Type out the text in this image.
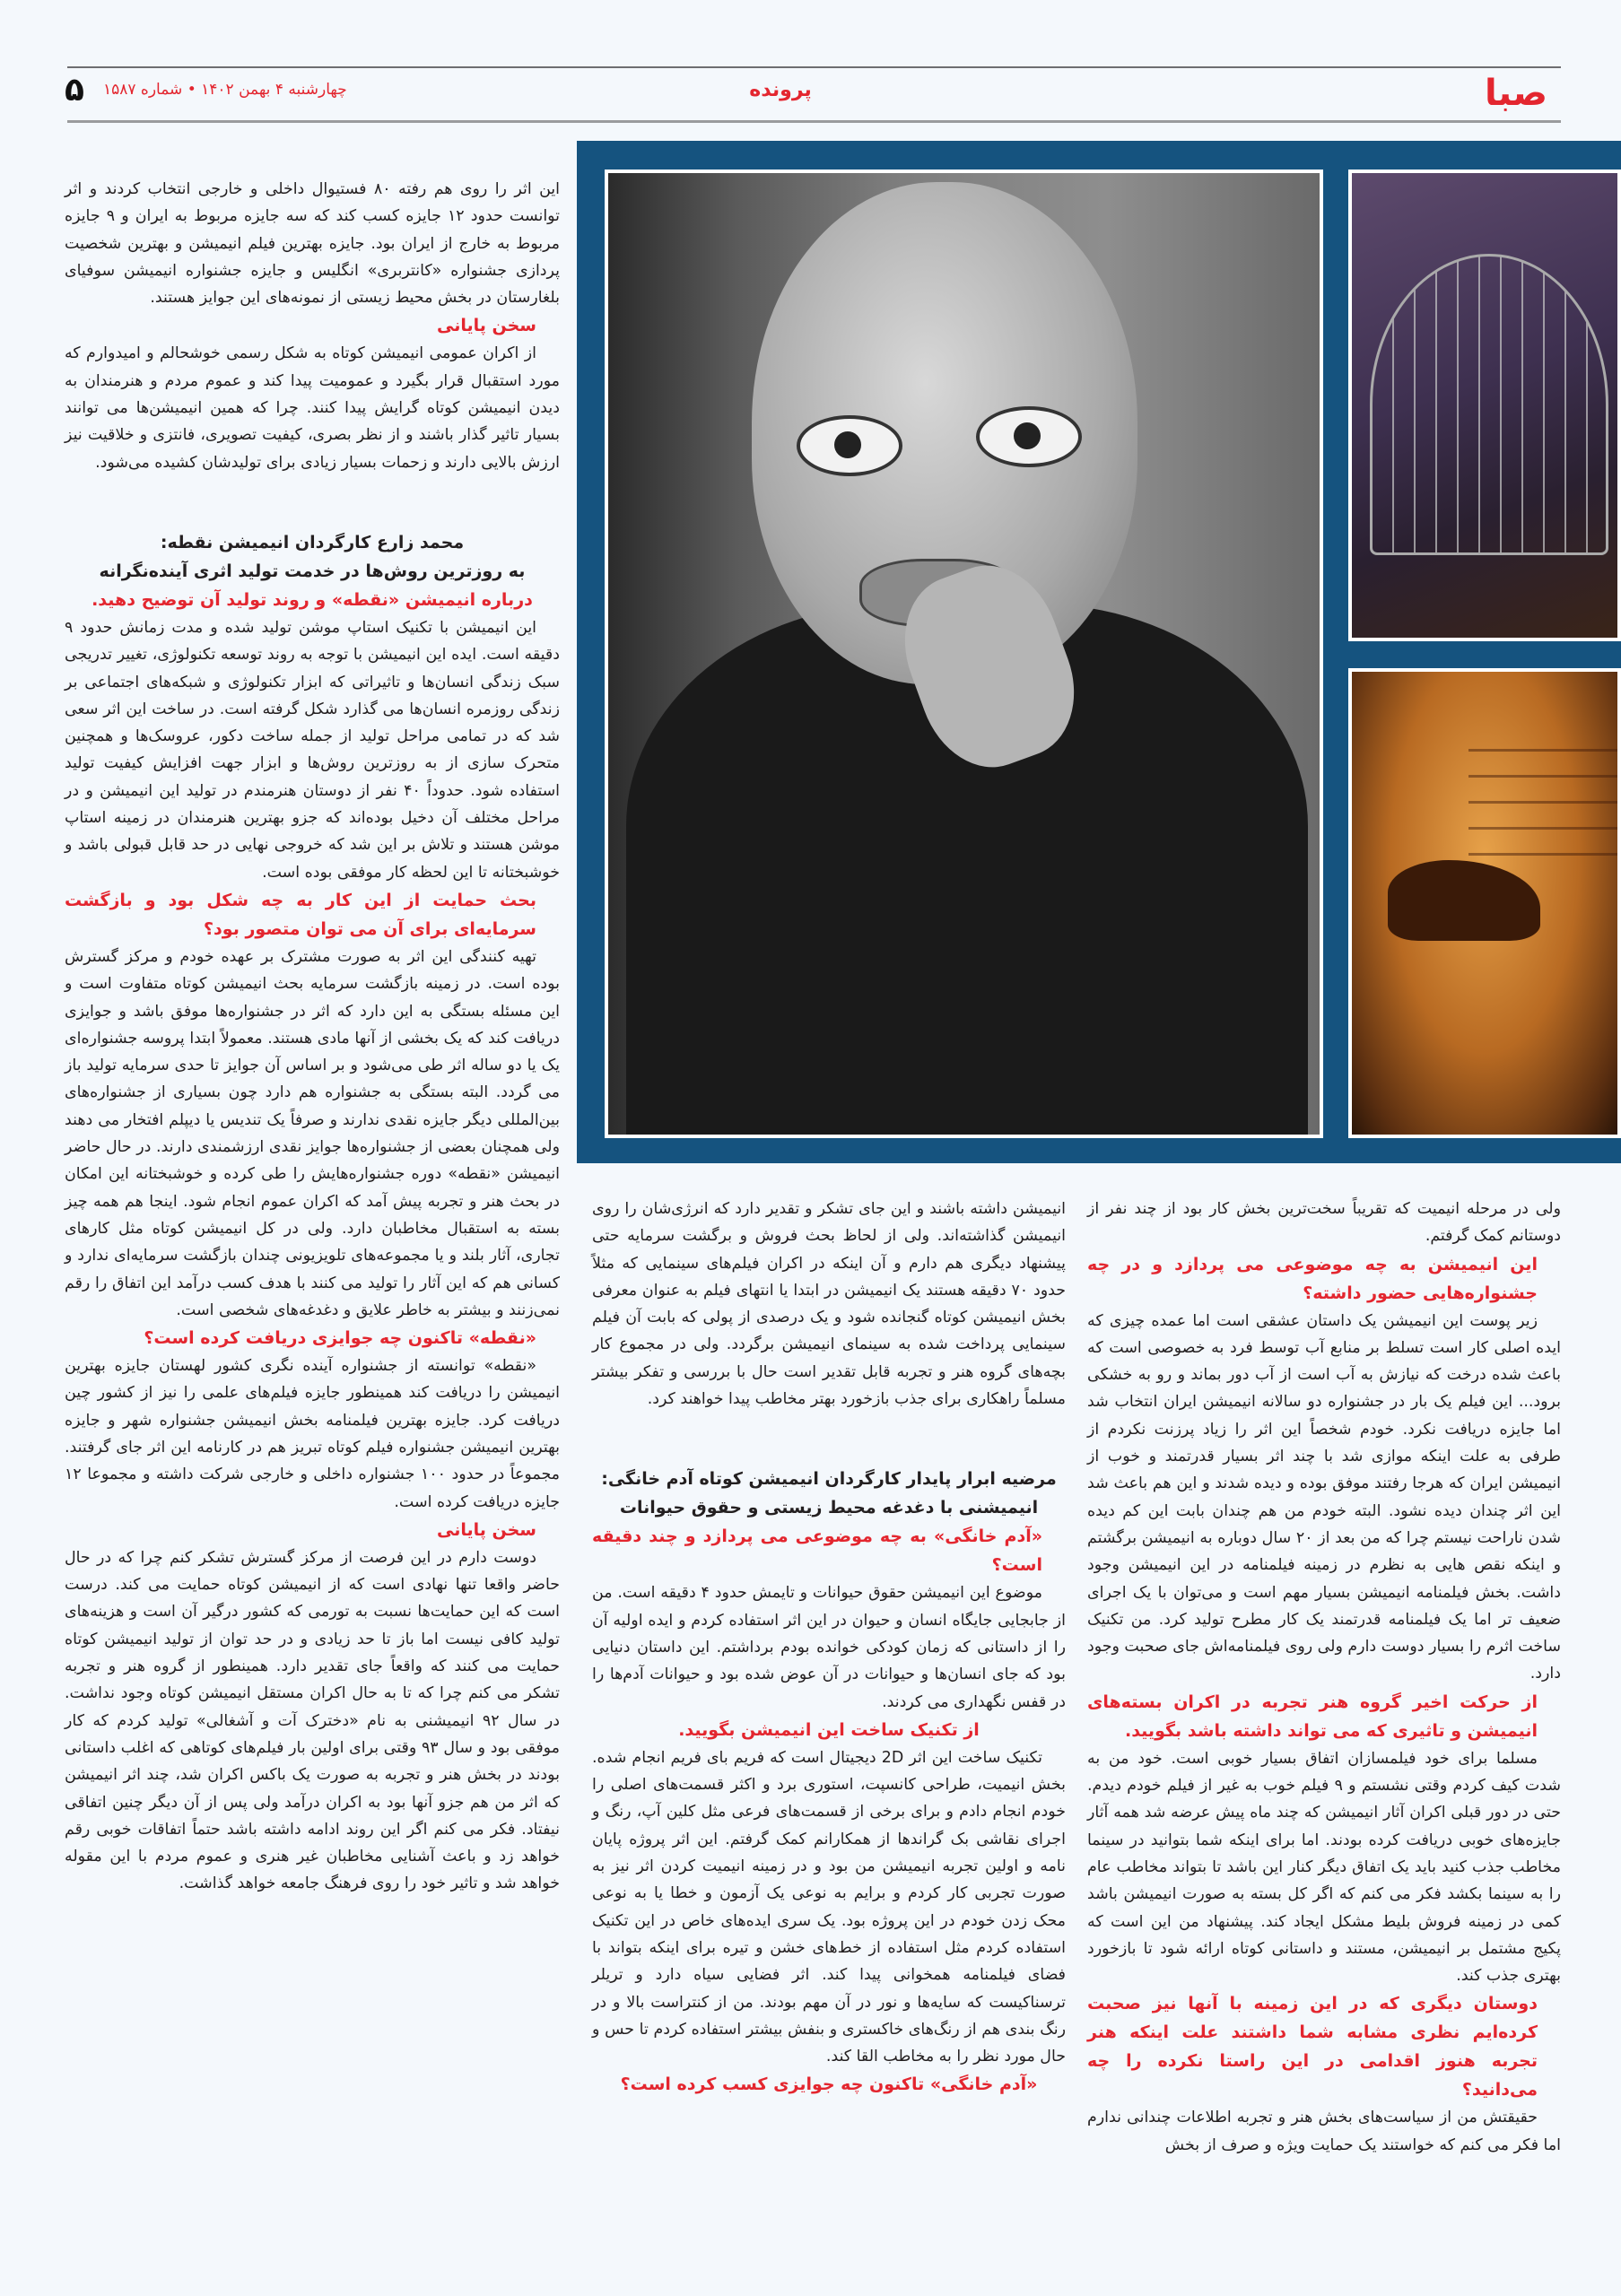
صبا
پرونده
چهارشنبه ۴ بهمن ۱۴۰۲ • شماره ۱۵۸۷
۵

این اثر را روی هم رفته ۸۰ فستیوال داخلی و خارجی انتخاب کردند و اثر توانست حدود ۱۲ جایزه کسب کند که سه جایزه مربوط به ایران و ۹ جایزه مربوط به خارج از ایران بود. جایزه بهترین فیلم انیمیشن و بهترین شخصیت پردازی جشنواره «کانتربری» انگلیس و جایزه جشنواره انیمیشن سوفیای بلغارستان در بخش محیط زیستی از نمونه‌های این جوایز هستند.

سخن پایانی

از اکران عمومی انیمیشن کوتاه به شکل رسمی خوشحالم و امیدوارم که مورد استقبال قرار بگیرد و عمومیت پیدا کند و عموم مردم و هنرمندان به دیدن انیمیشن کوتاه گرایش پیدا کنند. چرا که همین انیمیشن‌ها می توانند بسیار تاثیر گذار باشند و از نظر بصری، کیفیت تصویری، فانتزی و خلاقیت نیز ارزش بالایی دارند و زحمات بسیار زیادی برای تولیدشان کشیده می‌شود.

محمد زارع کارگردان انیمیشن نقطه:
به روزترین روش‌ها در خدمت تولید اثری آینده‌نگرانه
درباره انیمیشن «نقطه» و روند تولید آن توضیح دهید.

این انیمیشن با تکنیک استاپ موشن تولید شده و مدت زمانش حدود ۹ دقیقه است. ایده این انیمیشن با توجه به روند توسعه تکنولوژی، تغییر تدریجی سبک زندگی انسان‌ها و تاثیراتی که ابزار تکنولوژی و شبکه‌های اجتماعی بر زندگی روزمره انسان‌ها می گذارد شکل گرفته است. در ساخت این اثر سعی شد که در تمامی مراحل تولید از جمله ساخت دکور، عروسک‌ها و همچنین متحرک سازی از به روزترین روش‌ها و ابزار جهت افزایش کیفیت تولید استفاده شود. حدوداً ۴۰ نفر از دوستان هنرمندم در تولید این انیمیشن و در مراحل مختلف آن دخیل بوده‌اند که جزو بهترین هنرمندان در زمینه استاپ موشن هستند و تلاش بر این شد که خروجی نهایی در حد قابل قبولی باشد و خوشبختانه تا این لحظه کار موفقی بوده است.

بحث حمایت از این کار به چه شکل بود و بازگشت سرمایه‌ای برای آن می توان متصور بود؟

تهیه کنندگی این اثر به صورت مشترک بر عهده خودم و مرکز گسترش بوده است. در زمینه بازگشت سرمایه بحث انیمیشن کوتاه متفاوت است و این مسئله بستگی به این دارد که اثر در جشنواره‌ها موفق باشد و جوایزی دریافت کند که یک بخشی از آنها مادی هستند. معمولاً ابتدا پروسه جشنواره‌ای یک یا دو ساله اثر طی می‌شود و بر اساس آن جوایز تا حدی سرمایه تولید باز می گردد. البته بستگی به جشنواره هم دارد چون بسیاری از جشنواره‌های بین‌المللی دیگر جایزه نقدی ندارند و صرفاً یک تندیس یا دیپلم افتخار می دهند ولی همچنان بعضی از جشنواره‌ها جوایز نقدی ارزشمندی دارند. در حال حاضر انیمیشن «نقطه» دوره جشنواره‌هایش را طی کرده و خوشبختانه این امکان در بحث هنر و تجربه پیش آمد که اکران عموم انجام شود. اینجا هم همه چیز بسته به استقبال مخاطبان دارد. ولی در کل انیمیشن کوتاه مثل کارهای تجاری، آثار بلند و یا مجموعه‌های تلویزیونی چندان بازگشت سرمایه‌ای ندارد و کسانی هم که این آثار را تولید می کنند با هدف کسب درآمد این اتفاق را رقم نمی‌زنند و بیشتر به خاطر علایق و دغدغه‌های شخصی است.

«نقطه» تاکنون چه جوایزی دریافت کرده است؟

«نقطه» توانسته از جشنواره آینده نگری کشور لهستان جایزه بهترین انیمیشن را دریافت کند همینطور جایزه فیلم‌های علمی را نیز از کشور چین دریافت کرد. جایزه بهترین فیلمنامه بخش انیمیشن جشنواره شهر و جایزه بهترین انیمیشن جشنواره فیلم کوتاه تبریز هم در کارنامه این اثر جای گرفتند. مجموعاً در حدود ۱۰۰ جشنواره داخلی و خارجی شرکت داشته و مجموعا ۱۲ جایزه دریافت کرده است.

سخن پایانی

دوست دارم در این فرصت از مرکز گسترش تشکر کنم چرا که در حال حاضر واقعا تنها نهادی است که از انیمیشن کوتاه حمایت می کند. درست است که این حمایت‌ها نسبت به تورمی که کشور درگیر آن است و هزینه‌های تولید کافی نیست اما باز تا حد زیادی و در حد توان از تولید انیمیشن کوتاه حمایت می کنند که واقعاً جای تقدیر دارد. همینطور از گروه هنر و تجربه تشکر می کنم چرا که تا به حال اکران مستقل انیمیشن کوتاه وجود نداشت. در سال ۹۲ انیمیشنی به نام «دخترک آت و آشغالی» تولید کردم که کار موفقی بود و سال ۹۳ وقتی برای اولین بار فیلم‌های کوتاهی که اغلب داستانی بودند در بخش هنر و تجربه به صورت یک باکس اکران شد، چند اثر انیمیشن که اثر من هم جزو آنها بود به اکران درآمد ولی پس از آن دیگر چنین اتفاقی نیفتاد. فکر می کنم اگر این روند ادامه داشته باشد حتماً اتفاقات خوبی رقم خواهد زد و باعث آشنایی مخاطبان غیر هنری و عموم مردم با این مقوله خواهد شد و تاثیر خود را روی فرهنگ جامعه خواهد گذاشت.

انیمیشن داشته باشند و این جای تشکر و تقدیر دارد که انرژی‌شان را روی انیمیشن گذاشته‌اند. ولی از لحاظ بحث فروش و برگشت سرمایه حتی پیشنهاد دیگری هم دارم و آن اینکه در اکران فیلم‌های سینمایی که مثلاً حدود ۷۰ دقیقه هستند یک انیمیشن در ابتدا یا انتهای فیلم به عنوان معرفی بخش انیمیشن کوتاه گنجانده شود و یک درصدی از پولی که بابت آن فیلم سینمایی پرداخت شده به سینمای انیمیشن برگردد. ولی در مجموع کار بچه‌های گروه هنر و تجربه قابل تقدیر است حال با بررسی و تفکر بیشتر مسلماً راهکاری برای جذب بازخورد بهتر مخاطب پیدا خواهند کرد.

مرضیه ابرار پایدار کارگردان انیمیشن کوتاه آدم خانگی:
انیمیشنی با دغدغه محیط زیستی و حقوق حیوانات
«آدم خانگی» به چه موضوعی می پردازد و چند دقیقه است؟

موضوع این انیمیشن حقوق حیوانات و تایمش حدود ۴ دقیقه است. من از جابجایی جایگاه انسان و حیوان در این اثر استفاده کردم و ایده اولیه آن را از داستانی که زمان کودکی خوانده بودم برداشتم. این داستان دنیایی بود که جای انسان‌ها و حیوانات در آن عوض شده بود و حیوانات آدم‌ها را در قفس نگهداری می کردند.

از تکنیک ساخت این انیمیشن بگویید.

تکنیک ساخت این اثر 2D دیجیتال است که فریم بای فریم انجام شده. بخش انیمیت، طراحی کانسپت، استوری برد و اکثر قسمت‌های اصلی را خودم انجام دادم و برای برخی از قسمت‌های فرعی مثل کلین آپ، رنگ و اجرای نقاشی بک گراندها از همکارانم کمک گرفتم. این اثر پروژه پایان نامه و اولین تجربه انیمیشن من بود و در زمینه انیمیت کردن اثر نیز به صورت تجربی کار کردم و برایم به نوعی یک آزمون و خطا یا به نوعی محک زدن خودم در این پروژه بود. یک سری ایده‌های خاص در این تکنیک استفاده کردم مثل استفاده از خط‌های خشن و تیره برای اینکه بتواند با فضای فیلمنامه همخوانی پیدا کند. اثر فضایی سیاه دارد و تریلر ترسناکیست که سایه‌ها و نور در آن مهم بودند. من از کنتراست بالا و در رنگ بندی هم از رنگ‌های خاکستری و بنفش بیشتر استفاده کردم تا حس و حال مورد نظر را به مخاطب القا کند.

«آدم خانگی» تاکنون چه جوایزی کسب کرده است؟

ولی در مرحله انیمیت که تقریباً سخت‌ترین بخش کار بود از چند نفر از دوستانم کمک گرفتم.

این انیمیشن به چه موضوعی می پردازد و در چه جشنواره‌هایی حضور داشته؟

زیر پوست این انیمیشن یک داستان عشقی است اما عمده چیزی که ایده اصلی کار است تسلط بر منابع آب توسط فرد به خصوصی است که باعث شده درخت که نیازش به آب است از آب دور بماند و رو به خشکی برود... این فیلم یک بار در جشنواره دو سالانه انیمیشن ایران انتخاب شد اما جایزه دریافت نکرد. خودم شخصاً این اثر را زیاد پرزنت نکردم از طرفی به علت اینکه موازی شد با چند اثر بسیار قدرتمند و خوب از انیمیشن ایران که هرجا رفتند موفق بوده و دیده شدند و این هم باعث شد این اثر چندان دیده نشود. البته خودم من هم چندان بابت این کم دیده شدن ناراحت نیستم چرا که من بعد از ۲۰ سال دوباره به انیمیشن برگشتم و اینکه نقص هایی به نظرم در زمینه فیلمنامه در این انیمیشن وجود داشت. بخش فیلمنامه انیمیشن بسیار مهم است و می‌توان با یک اجرای ضعیف تر اما یک فیلمنامه قدرتمند یک کار مطرح تولید کرد. من تکنیک ساخت اثرم را بسیار دوست دارم ولی روی فیلمنامه‌اش جای صحبت وجود دارد.

از حرکت اخیر گروه هنر تجربه در اکران بسته‌های انیمیشن و تاثیری که می تواند داشته باشد بگویید.

مسلما برای خود فیلمسازان اتفاق بسیار خوبی است. خود من به شدت کیف کردم وقتی نشستم و ۹ فیلم خوب به غیر از فیلم خودم دیدم. حتی در دور قبلی اکران آثار انیمیشن که چند ماه پیش عرضه شد همه آثار جایزه‌های خوبی دریافت کرده بودند. اما برای اینکه شما بتوانید در سینما مخاطب جذب کنید باید یک اتفاق دیگر کنار این باشد تا بتواند مخاطب عام را به سینما بکشد فکر می کنم که اگر کل بسته به صورت انیمیشن باشد کمی در زمینه فروش بلیط مشکل ایجاد کند. پیشنهاد من این است که پکیج مشتمل بر انیمیشن، مستند و داستانی کوتاه ارائه شود تا بازخورد بهتری جذب کند.

دوستان دیگری که در این زمینه با آنها نیز صحبت کرده‌ایم نظری مشابه شما داشتند علت اینکه هنر تجربه هنوز اقدامی در این راستا نکرده را چه می‌دانید؟

حقیقتش من از سیاست‌های بخش هنر و تجربه اطلاعات چندانی ندارم اما فکر می کنم که خواستند یک حمایت ویژه و صرف از بخش
